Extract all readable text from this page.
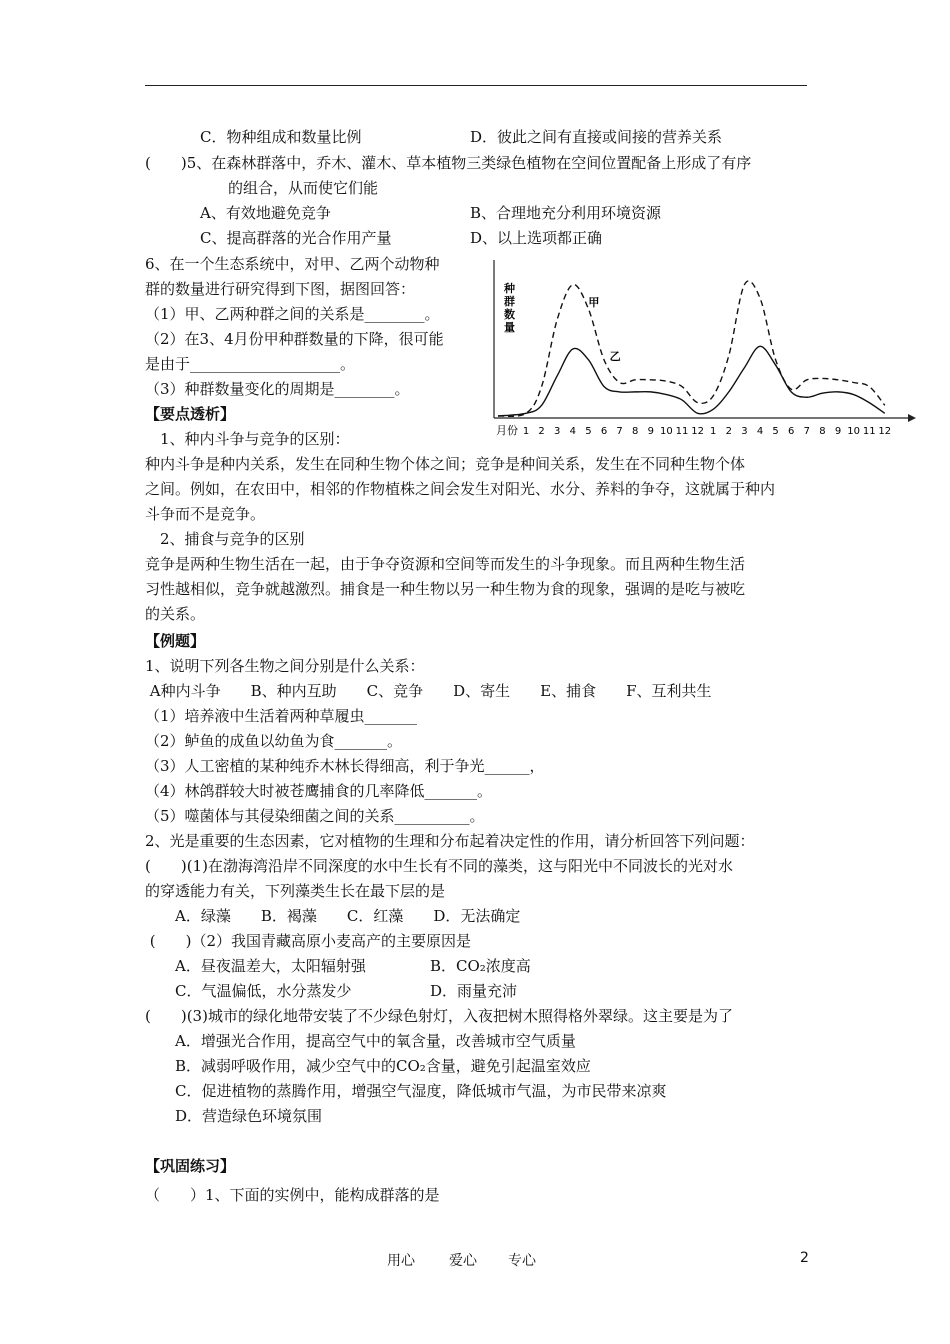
C．物种组成和数量比例	D．彼此之间有直接或间接的营养关系
(　　)5、在森林群落中，乔木、灌木、草本植物三类绿色植物在空间位置配备上形成了有序
的组合，从而使它们能
A、有效地避免竞争	B、合理地充分利用环境资源
C、提高群落的光合作用产量	D、以上选项都正确
6、在一个生态系统中，对甲、乙两个动物种
群的数量进行研究得到下图，据图回答：
（1）甲、乙两种群之间的关系是________。
（2）在3、4月份甲种群数量的下降，很可能
是由于____________________。
（3）种群数量变化的周期是________。
种群数量
月份 1 2 3 4 5 6 7 8 9 10 11 12 1 2 3 4 5 6 7 8 9 10 11 12
甲
乙
【要点透析】
　1、种内斗争与竞争的区别：
种内斗争是种内关系，发生在同种生物个体之间；竞争是种间关系，发生在不同种生物个体
之间。例如，在农田中，相邻的作物植株之间会发生对阳光、水分、养料的争夺，这就属于种内
斗争而不是竞争。
　2、捕食与竞争的区别
竞争是两种生物生活在一起，由于争夺资源和空间等而发生的斗争现象。而且两种生物生活
习性越相似，竞争就越激烈。捕食是一种生物以另一种生物为食的现象，强调的是吃与被吃
的关系。
【例题】
1、说明下列各生物之间分别是什么关系：
A种内斗争　　B、种内互助　　C、竞争　　D、寄生　　E、捕食　　F、互利共生
（1）培养液中生活着两种草履虫_______
（2）鲈鱼的成鱼以幼鱼为食_______。
（3）人工密植的某种纯乔木林长得细高，利于争光______，
（4）林鸽群较大时被苍鹰捕食的几率降低_______。
（5）噬菌体与其侵染细菌之间的关系__________。
2、光是重要的生态因素，它对植物的生理和分布起着决定性的作用，请分析回答下列问题：
(　　)(1)在渤海湾沿岸不同深度的水中生长有不同的藻类，这与阳光中不同波长的光对水
的穿透能力有关，下列藻类生长在最下层的是
　A．绿藻　　B．褐藻　　C．红藻　　D．无法确定
(　　)（2）我国青藏高原小麦高产的主要原因是
　A．昼夜温差大，太阳辐射强	B．CO₂浓度高
　C．气温偏低，水分蒸发少	D．雨量充沛
(　　)(3)城市的绿化地带安装了不少绿色射灯，入夜把树木照得格外翠绿。这主要是为了
　A．增强光合作用，提高空气中的氧含量，改善城市空气质量
　B．减弱呼吸作用，减少空气中的CO₂含量，避免引起温室效应
　C．促进植物的蒸腾作用，增强空气湿度，降低城市气温，为市民带来凉爽
　D．营造绿色环境氛围
【巩固练习】
（　　）1、下面的实例中，能构成群落的是
用心 爱心 专心	2
